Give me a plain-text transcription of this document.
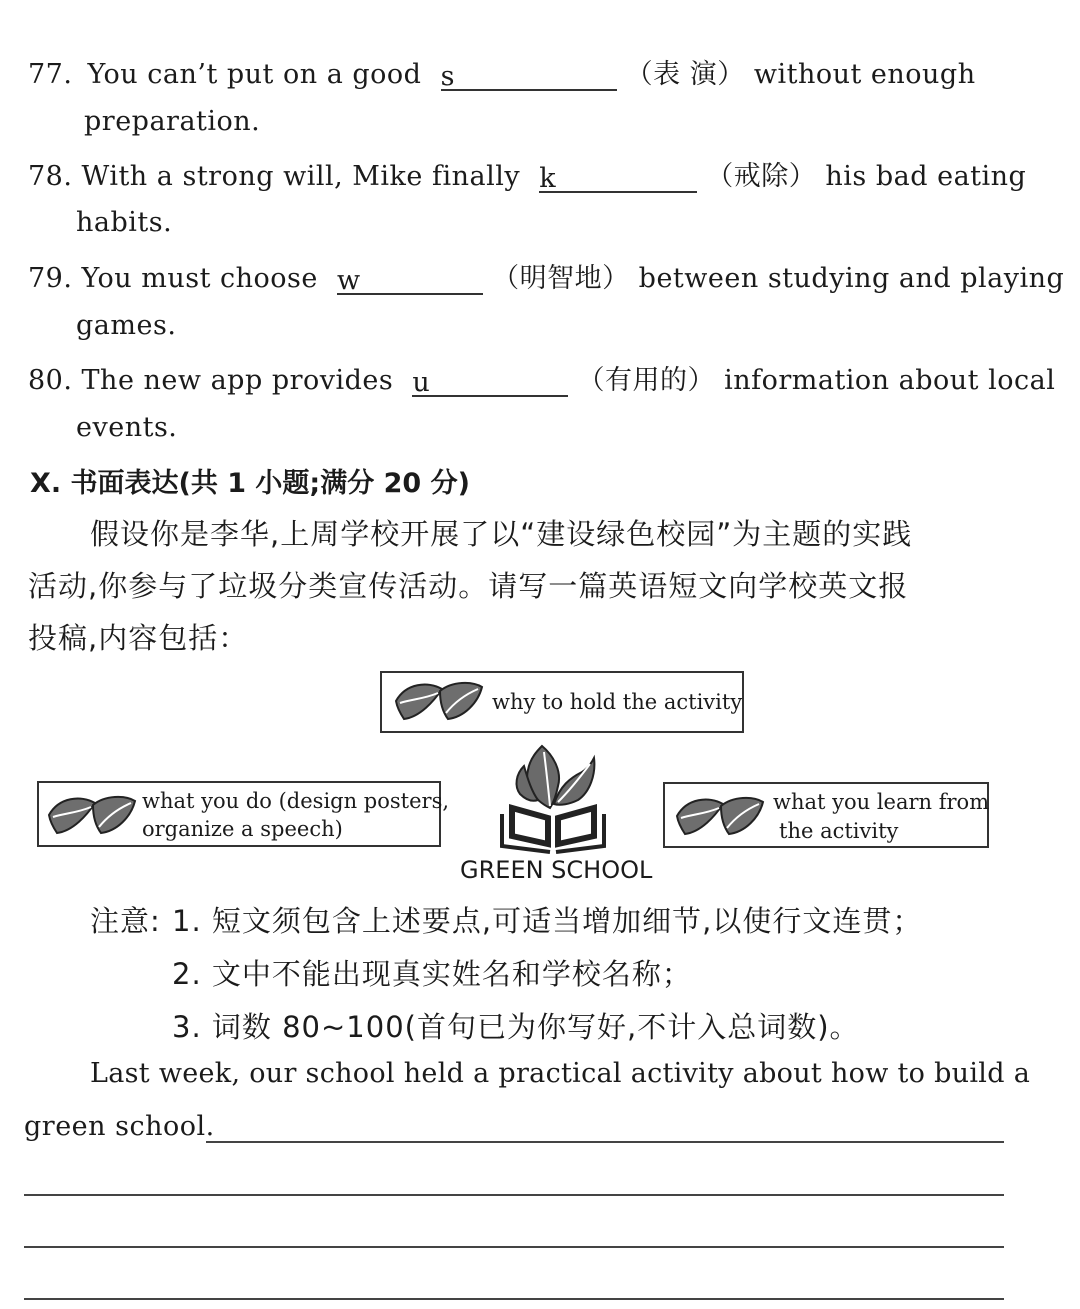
77. You can’t put on a good s	（表 演） without enough
preparation.
78. With a strong will, Mike finally k	（戒除） his bad eating
habits.
79. You must choose w	（明智地） between studying and playing
games.
80. The new app provides u	（有用的） information about local
events.
X. 书面表达(共 1 小题;满分 20 分)
假设你是李华,上周学校开展了以“建设绿色校园”为主题的实践
活动,你参与了垃圾分类宣传活动。请写一篇英语短文向学校英文报
投稿,内容包括：
why to hold the activity
what you do (design posters,
organize a speech)
what you learn from
the activity
GREEN SCHOOL
注意: 1. 短文须包含上述要点,可适当增加细节,以使行文连贯；
2. 文中不能出现真实姓名和学校名称；
3. 词数 80~100(首句已为你写好,不计入总词数)。
Last week, our school held a practical activity about how to build a
green school.
